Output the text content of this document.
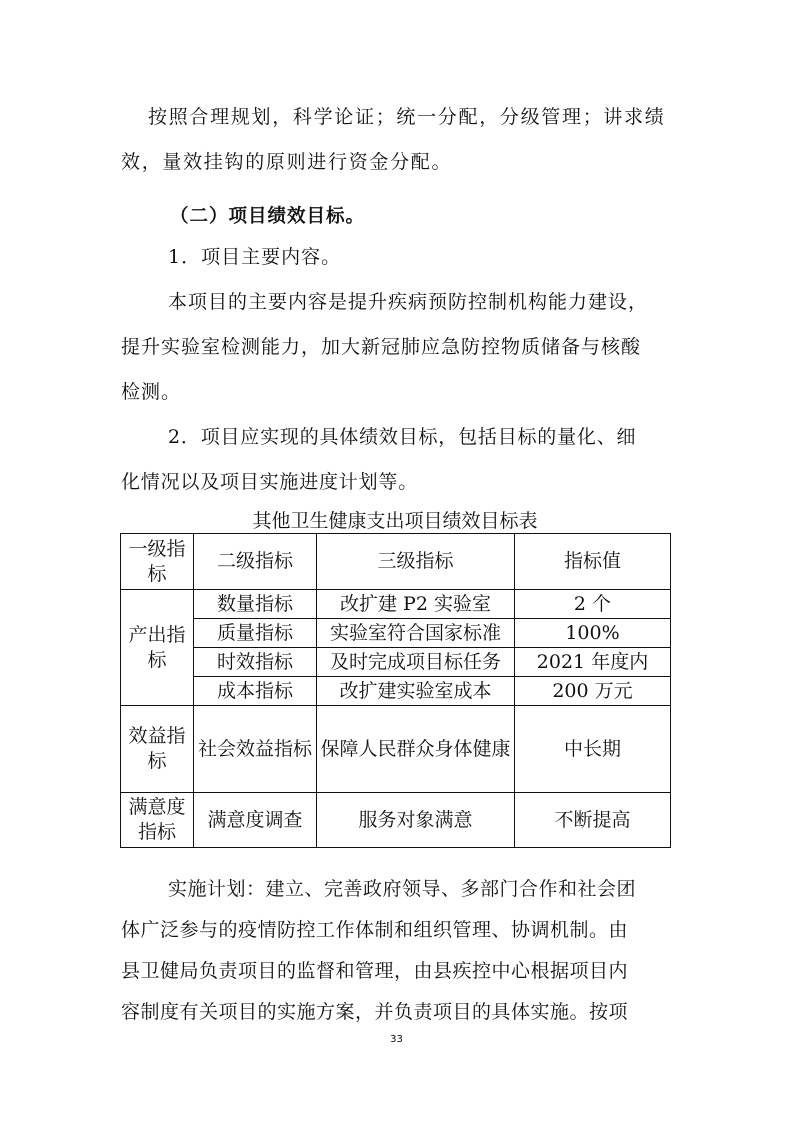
按照合理规划，科学论证；统一分配，分级管理；讲求绩
效，量效挂钩的原则进行资金分配。
（二）项目绩效目标。
1．项目主要内容。
本项目的主要内容是提升疾病预防控制机构能力建设，
提升实验室检测能力，加大新冠肺应急防控物质储备与核酸
检测。
2．项目应实现的具体绩效目标，包括目标的量化、细
化情况以及项目实施进度计划等。
其他卫生健康支出项目绩效目标表
一级指标	二级指标	三级指标	指标值
产出指标	数量指标	改扩建 P2 实验室	2 个
	质量指标	实验室符合国家标准	100%
	时效指标	及时完成项目标任务	2021 年度内
	成本指标	改扩建实验室成本	200 万元
效益指标	社会效益指标	保障人民群众身体健康	中长期
满意度指标	满意度调查	服务对象满意	不断提高
实施计划：建立、完善政府领导、多部门合作和社会团
体广泛参与的疫情防控工作体制和组织管理、协调机制。由
县卫健局负责项目的监督和管理，由县疾控中心根据项目内
容制度有关项目的实施方案，并负责项目的具体实施。按项
33
